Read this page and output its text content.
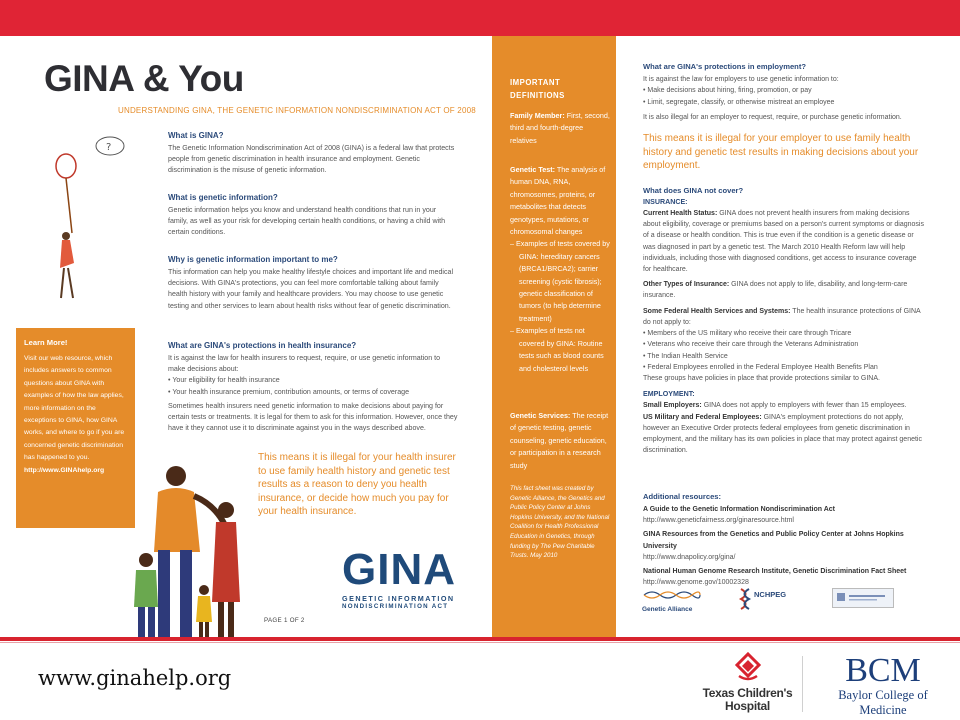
GINA & You
UNDERSTANDING GINA, THE GENETIC INFORMATION NONDISCRIMINATION ACT OF 2008
?
What is GINA?

The Genetic Information Nondiscrimination Act of 2008 (GINA) is a federal law that protects people from genetic discrimination in health insurance and employment. Genetic discrimination is the misuse of genetic information.

What is genetic information?

Genetic information helps you know and understand health conditions that run in your family, as well as your risk for developing certain health conditions, or having a child with certain conditions.

Why is genetic information important to me?

This information can help you make healthy lifestyle choices and important life and medical decisions. With GINA's protections, you can feel more comfortable talking about family health history with your family and healthcare providers. You may choose to use genetic testing and other services to learn about health risks without fear of genetic discrimination.

What are GINA's protections in health insurance?

It is against the law for health insurers to request, require, or use genetic information to make decisions about:

• Your eligibility for health insurance
• Your health insurance premium, contribution amounts, or terms of coverage

Sometimes health insurers need genetic information to make decisions about paying for certain tests or treatments. It is legal for them to ask for this information. However, once they have it they cannot use it to discriminate against you in the ways described above.

This means it is illegal for your health insurer to use family health history and genetic test results as a reason to deny you health insurance, or decide how much you pay for your health insurance.
Learn More!

Visit our web resource, which includes answers to common questions about GINA with examples of how the law applies, more information on the exceptions to GINA, how GINA works, and where to go if you are concerned genetic discrimination has happened to you.

http://www.GINAhelp.org
GINA
GENETIC INFORMATION
NONDISCRIMINATION ACT
PAGE 1 OF 2
IMPORTANT
DEFINITIONS
Family Member: First, second, third and fourth-degree relatives
Genetic Test: The analysis of human DNA, RNA, chromosomes, proteins, or metabolites that detects genotypes, mutations, or chromosomal changes
– Examples of tests covered by GINA: hereditary cancers (BRCA1/BRCA2); carrier screening (cystic fibrosis); genetic classification of tumors (to help determine treatment)
– Examples of tests not covered by GINA: Routine tests such as blood counts and cholesterol levels
Genetic Services: The receipt of genetic testing, genetic counseling, genetic education, or participation in a research study
This fact sheet was created by Genetic Alliance, the Genetics and Public Policy Center at Johns Hopkins University, and the National Coalition for Health Professional Education in Genetics, through funding by The Pew Charitable Trusts. May 2010
What are GINA's protections in employment?

It is against the law for employers to use genetic information to:

• Make decisions about hiring, firing, promotion, or pay
• Limit, segregate, classify, or otherwise mistreat an employee

It is also illegal for an employer to request, require, or purchase genetic information.

This means it is illegal for your employer to use family health history and genetic test results in making decisions about your employment.
What does GINA not cover?
INSURANCE:

Current Health Status: GINA does not prevent health insurers from making decisions about eligibility, coverage or premiums based on a person's current symptoms or diagnosis of a disease or health condition. This is true even if the condition is a genetic disease or was diagnosed in part by a genetic test. The March 2010 Health Reform law will help individuals, including those with diagnosed conditions, get access to insurance coverage for healthcare.

Other Types of Insurance: GINA does not apply to life, disability, and long-term-care insurance.

Some Federal Health Services and Systems: The health insurance protections of GINA do not apply to:

• Members of the US military who receive their care through Tricare
• Veterans who receive their care through the Veterans Administration
• The Indian Health Service
• Federal Employees enrolled in the Federal Employee Health Benefits Plan

These groups have policies in place that provide protections similar to GINA.

EMPLOYMENT:

Small Employers: GINA does not apply to employers with fewer than 15 employees.

US Military and Federal Employees: GINA's employment protections do not apply, however an Executive Order protects federal employees from genetic discrimination in employment, and the military has its own policies in place that may protect against genetic discrimination.

Additional resources:

A Guide to the Genetic Information Nondiscrimination Act

http://www.geneticfairness.org/ginaresource.html

GINA Resources from the Genetics and Public Policy Center at Johns Hopkins University

http://www.dnapolicy.org/gina/

National Human Genome Research Institute, Genetic Discrimination Fact Sheet

http://www.genome.gov/10002328

Genetic Alliance
NCHPEG
www.ginahelp.org
Texas Children's Hospital
BCM
Baylor College of Medicine
